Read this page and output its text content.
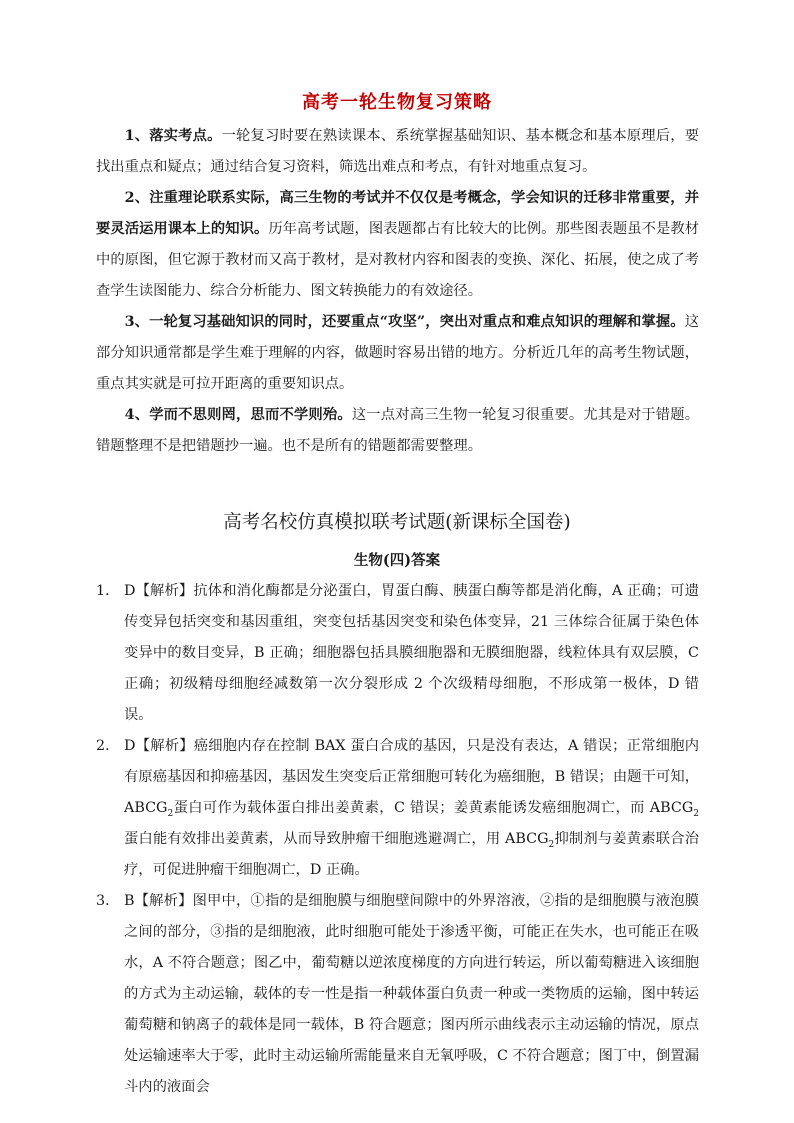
高考一轮生物复习策略

1、落实考点。一轮复习时要在熟读课本、系统掌握基础知识、基本概念和基本原理后，要找出重点和疑点；通过结合复习资料，筛选出难点和考点，有针对地重点复习。

2、注重理论联系实际，高三生物的考试并不仅仅是考概念，学会知识的迁移非常重要，并要灵活运用课本上的知识。历年高考试题，图表题都占有比较大的比例。那些图表题虽不是教材中的原图，但它源于教材而又高于教材，是对教材内容和图表的变换、深化、拓展，使之成了考查学生读图能力、综合分析能力、图文转换能力的有效途径。

3、一轮复习基础知识的同时，还要重点“攻坚”，突出对重点和难点知识的理解和掌握。这部分知识通常都是学生难于理解的内容，做题时容易出错的地方。分析近几年的高考生物试题，重点其实就是可拉开距离的重要知识点。

4、学而不思则罔，思而不学则殆。这一点对高三生物一轮复习很重要。尤其是对于错题。错题整理不是把错题抄一遍。也不是所有的错题都需要整理。

高考名校仿真模拟联考试题(新课标全国卷)
生物(四)答案

1． D【解析】抗体和消化酶都是分泌蛋白，胃蛋白酶、胰蛋白酶等都是消化酶，A 正确；可遗传变异包括突变和基因重组，突变包括基因突变和染色体变异，21 三体综合征属于染色体变异中的数目变异，B 正确；细胞器包括具膜细胞器和无膜细胞器，线粒体具有双层膜，C 正确；初级精母细胞经减数第一次分裂形成 2 个次级精母细胞，不形成第一极体，D 错误。

2． D【解析】癌细胞内存在控制 BAX 蛋白合成的基因，只是没有表达，A 错误；正常细胞内有原癌基因和抑癌基因，基因发生突变后正常细胞可转化为癌细胞，B 错误；由题干可知，$ABCG_2$蛋白可作为载体蛋白排出姜黄素，C 错误；姜黄素能诱发癌细胞凋亡，而 $ABCG_2$蛋白能有效排出姜黄素，从而导致肿瘤干细胞逃避凋亡，用 $ABCG_2$抑制剂与姜黄素联合治疗，可促进肿瘤干细胞凋亡，D 正确。

3． B【解析】图甲中，①指的是细胞膜与细胞壁间隙中的外界溶液，②指的是细胞膜与液泡膜之间的部分，③指的是细胞液，此时细胞可能处于渗透平衡，可能正在失水，也可能正在吸水，A 不符合题意；图乙中，葡萄糖以逆浓度梯度的方向进行转运，所以葡萄糖进入该细胞的方式为主动运输，载体的专一性是指一种载体蛋白负责一种或一类物质的运输，图中转运葡萄糖和钠离子的载体是同一载体，B 符合题意；图丙所示曲线表示主动运输的情况，原点处运输速率大于零，此时主动运输所需能量来自无氧呼吸，C 不符合题意；图丁中，倒置漏斗内的液面会
